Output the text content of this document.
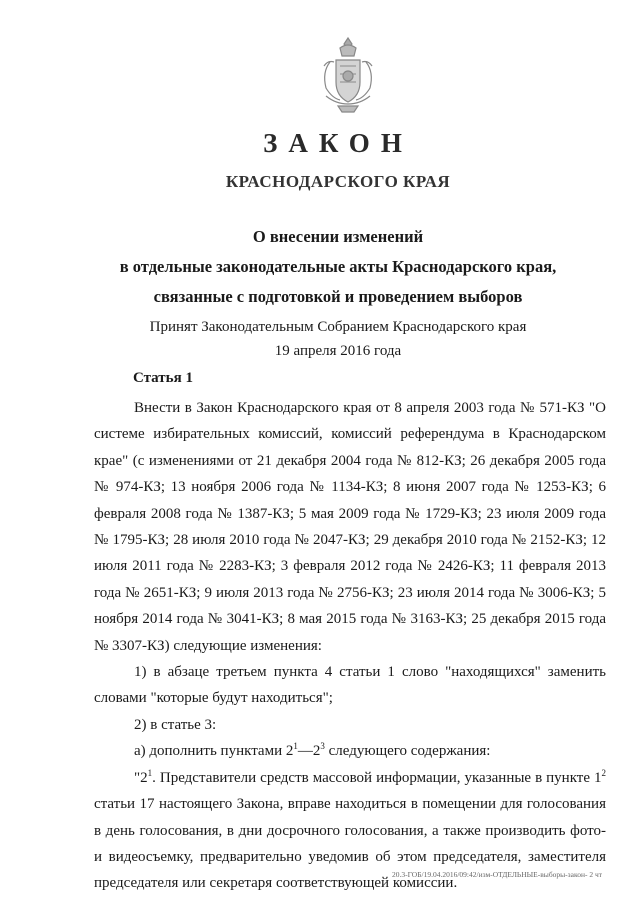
ЗАКОН
КРАСНОДАРСКОГО КРАЯ
О внесении изменений
в отдельные законодательные акты Краснодарского края,
связанные с подготовкой и проведением выборов
Принят Законодательным Собранием Краснодарского края
19 апреля 2016 года
Статья 1

Внести в Закон Краснодарского края от 8 апреля 2003 года № 571-КЗ "О системе избирательных комиссий, комиссий референдума в Краснодарском крае" (с изменениями от 21 декабря 2004 года № 812-КЗ; 26 декабря 2005 года № 974-КЗ; 13 ноября 2006 года № 1134-КЗ; 8 июня 2007 года № 1253-КЗ; 6 февраля 2008 года № 1387-КЗ; 5 мая 2009 года № 1729-КЗ; 23 июля 2009 года № 1795-КЗ; 28 июля 2010 года № 2047-КЗ; 29 декабря 2010 года № 2152-КЗ; 12 июля 2011 года № 2283-КЗ; 3 февраля 2012 года № 2426-КЗ; 11 февраля 2013 года № 2651-КЗ; 9 июля 2013 года № 2756-КЗ; 23 июля 2014 года № 3006-КЗ; 5 ноября 2014 года № 3041-КЗ; 8 мая 2015 года № 3163-КЗ; 25 декабря 2015 года № 3307-КЗ) следующие изменения:

1) в абзаце третьем пункта 4 статьи 1 слово "находящихся" заменить словами "которые будут находиться";

2) в статье 3:

а) дополнить пунктами $2^1—2^3$ следующего содержания:

"$2^1$. Представители средств массовой информации, указанные в пункте $1^2$ статьи 17 настоящего Закона, вправе находиться в помещении для голосования в день голосования, в дни досрочного голосования, а также производить фото- и видеосъемку, предварительно уведомив об этом председателя, заместителя председателя или секретаря соответствующей комиссии.

20.3-ГОБ/19.04.2016/09:42/изм-ОТДЕЛЬНЫЕ-выборы-закон- 2 чт
